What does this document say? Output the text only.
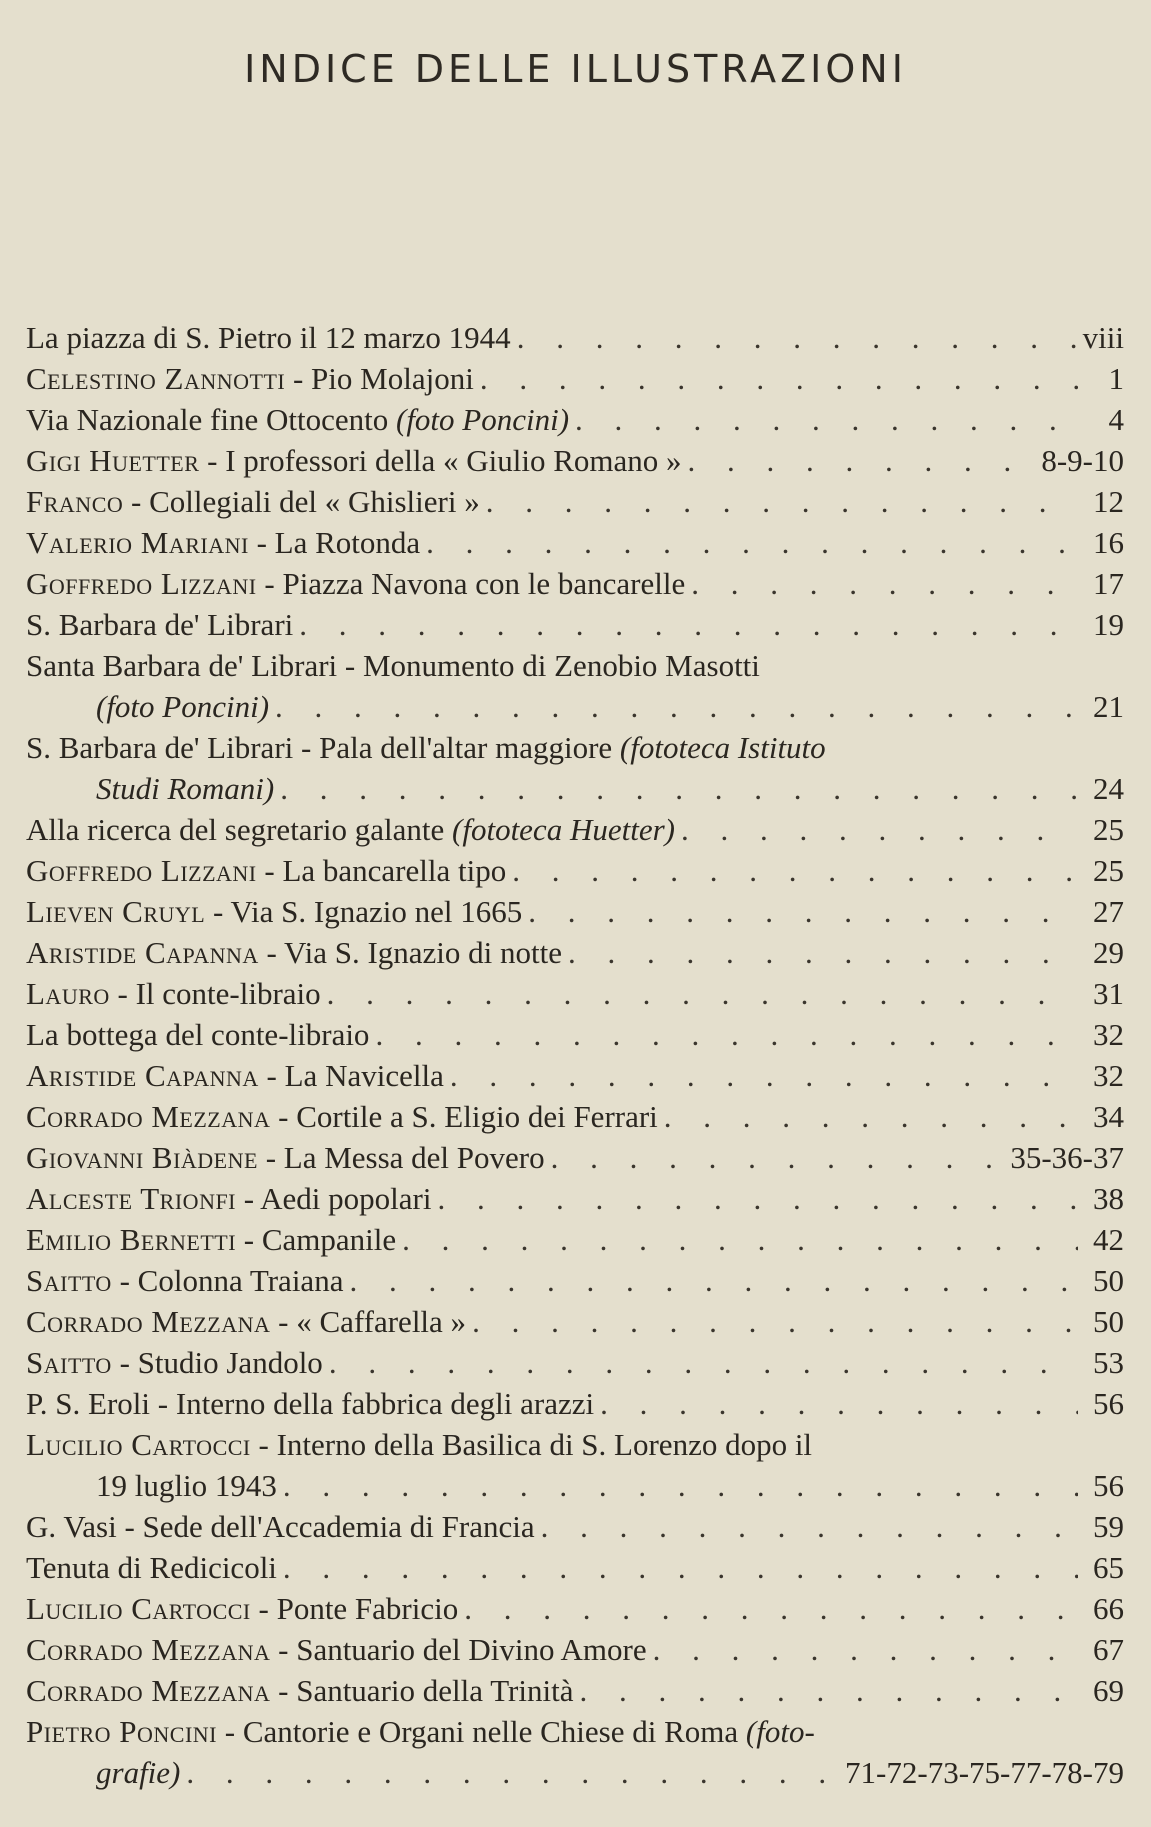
INDICE DELLE ILLUSTRAZIONI
La piazza di S. Pietro il 12 marzo 1944 . . .	viii
Celestino Zannotti - Pio Molajoni . . .	1
Via Nazionale fine Ottocento (foto Poncini) . . .	4
Gigi Huetter - I professori della « Giulio Romano » . . .	8-9-10
Franco - Collegiali del « Ghislieri » . . .	12
Valerio Mariani - La Rotonda . . .	16
Goffredo Lizzani - Piazza Navona con le bancarelle . . .	17
S. Barbara de' Librari . . .	19
Santa Barbara de' Librari - Monumento di Zenobio Masotti
(foto Poncini) . . .	21
S. Barbara de' Librari - Pala dell'altar maggiore (fototeca Istituto
Studi Romani) . . .	24
Alla ricerca del segretario galante (fototeca Huetter) . . .	25
Goffredo Lizzani - La bancarella tipo . . .	25
Lieven Cruyl - Via S. Ignazio nel 1665 . . .	27
Aristide Capanna - Via S. Ignazio di notte . . .	29
Lauro - Il conte-libraio . . .	31
La bottega del conte-libraio . . .	32
Aristide Capanna - La Navicella . . .	32
Corrado Mezzana - Cortile a S. Eligio dei Ferrari . . .	34
Giovanni Biàdene - La Messa del Povero . . .	35-36-37
Alceste Trionfi - Aedi popolari . . .	38
Emilio Bernetti - Campanile . . .	42
Saitto - Colonna Traiana . . .	50
Corrado Mezzana - « Caffarella » . . .	50
Saitto - Studio Jandolo . . .	53
P. S. Eroli - Interno della fabbrica degli arazzi . . .	56
Lucilio Cartocci - Interno della Basilica di S. Lorenzo dopo il
19 luglio 1943 . . .	56
G. Vasi - Sede dell'Accademia di Francia . . .	59
Tenuta di Redicicoli . . .	65
Lucilio Cartocci - Ponte Fabricio . . .	66
Corrado Mezzana - Santuario del Divino Amore . . .	67
Corrado Mezzana - Santuario della Trinità . . .	69
Pietro Poncini - Cantorie e Organi nelle Chiese di Roma (foto-
grafie) . . .	71-72-73-75-77-78-79
